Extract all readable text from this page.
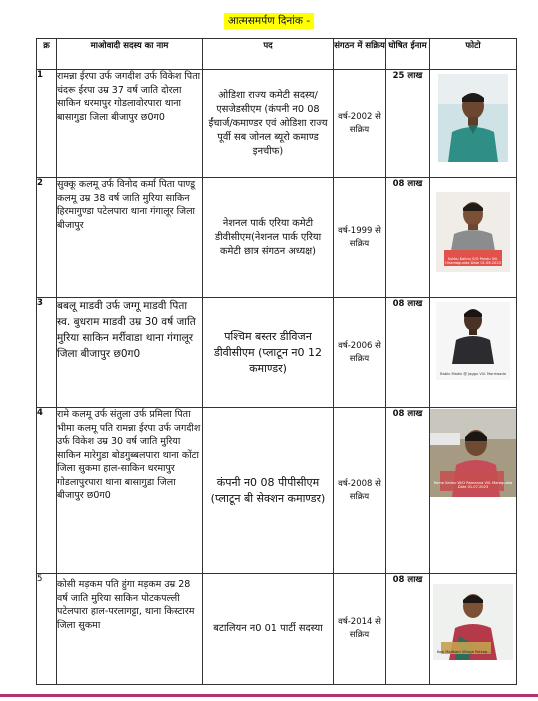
आत्मसमर्पण दिनांक -
क्र	माओवादी सदस्य का नाम	पद	संगठन में सक्रिय	घोषित ईनाम	फोटो
1	रामन्ना ईरपा उर्फ जगदीश उर्फ विकेश पिता चंदरू ईरपा उम्र 37 वर्ष जाति दोरला साकिन धरमापुर गोडलावोरपारा थाना बासागुडा जिला बीजापुर छ0ग0	ओडिशा राज्य कमेटी सदस्य/एसजेडसीएम (कंपनी न0 08 ईंचार्ज/कमाण्डर एवं ओडिशा राज्य पूर्वी सब जोनल ब्यूरो कमाण्ड इनचीफ)	वर्ष-2002 से सक्रिय	25 लाख	

2	सुक्कू कलमू उर्फ विनोद कर्मा पिता पाण्डू कलमू उम्र 38 वर्ष जाति मुरिया साकिन हिरमागुण्डा पटेलपारा थाना गंगालूर जिला बीजापुर	नेशनल पार्क एरिया कमेटी डीवीसीएम(नेशनल पार्क एरिया कमेटी छात्र संगठन अध्यक्ष)	वर्ष-1999 से सक्रिय	08 लाख	Sukku Kalmu S/O Pandu Vill. Hiramagunda Date 01.06.2023

3	बबलू माडवी उर्फ जग्गू माडवी पिता स्व. बुधराम माडवी उम्र 30 वर्ष जाति मुरिया साकिन मर्रीवाडा थाना गंगालूर जिला बीजापुर छ0ग0	पश्चिम बस्तर डीविजन डीवीसीएम (प्लाटून न0 12 कमाण्डर)	वर्ष-2006 से सक्रिय	08 लाख	Bablu Madvi @ Jaggu Vill. Marriwada

4	रामे कलमू उर्फ संतुला उर्फ प्रमिला पिता भीमा कलमू पति रामन्ना ईरपा उर्फ जगदीश उर्फ विकेश उम्र 30 वर्ष जाति मुरिया साकिन मारेगुडा बोडगुब्बलपारा थाना कोंटा जिला सुकमा हाल-साकिन धरमापुर गोडलापुरपारा थाना बासागुडा जिला बीजापुर छ0ग0	कंपनी न0 08 पीपीसीएम (प्लाटून बी सेक्शन कमाण्डर)	वर्ष-2008 से सक्रिय	08 लाख	Rame Kalmu W/O Ramanna Vill. Maregudda Date 01.07.2023

5	कोसी मड़कम पति हुंगा मड़कम उम्र 28 वर्ष जाति मुरिया साकिन पोटकपल्ली पटेलपारा हाल-परलागट्टा, थाना किस्टारम जिला सुकमा	बटालियन न0 01 पार्टी सदस्या	वर्ष-2014 से सक्रिय	08 लाख	Kosi Madkam Village Potkap...
